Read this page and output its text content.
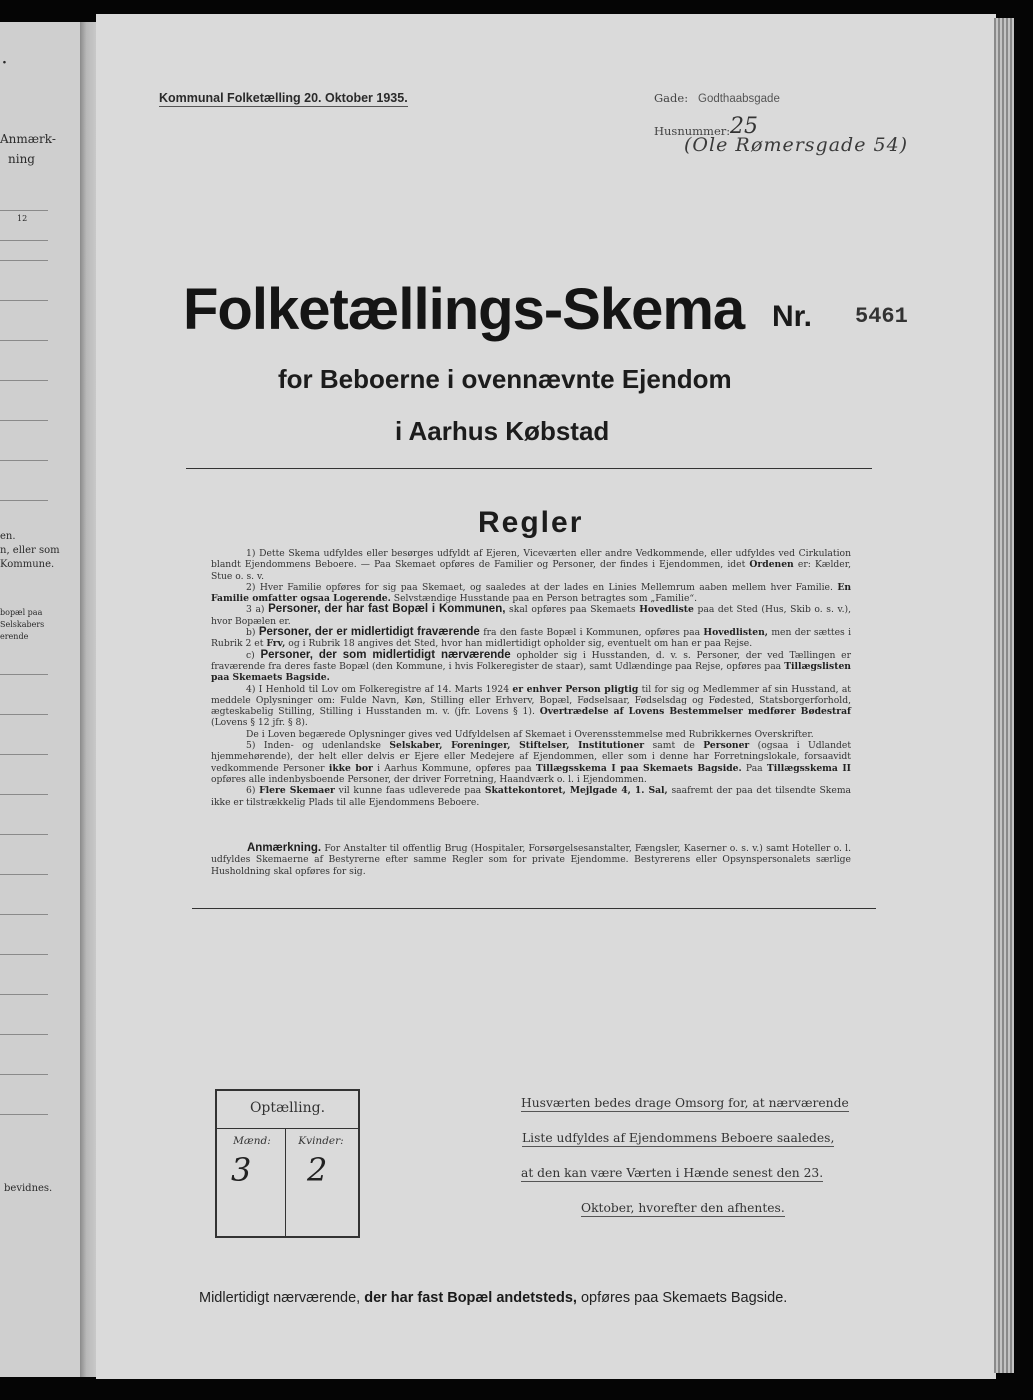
·
Anmærk-
ning
12
en.
n, eller som
Kommune.
bopæl paa
Selskabers
erende
bevidnes.
Kommunal Folketælling 20. Oktober 1935.	Gade: Godthaabsgade
Husnummer: 25
(Ole Rømersgade 54)
Folketællings-Skema Nr. 5461
for Beboerne i ovennævnte Ejendom
i Aarhus Købstad
Regler

1) Dette Skema udfyldes eller besørges udfyldt af Ejeren, Viceværten eller andre Vedkommende, eller udfyldes ved Cirkulation blandt Ejendommens Beboere. — Paa Skemaet opføres de Familier og Personer, der findes i Ejendommen, idet Ordenen er: Kælder, Stue o. s. v.

2) Hver Familie opføres for sig paa Skemaet, og saaledes at der lades en Linies Mellemrum aaben mellem hver Familie. En Familie omfatter ogsaa Logerende. Selvstændige Husstande paa en Person betragtes som „Familie“.

3 a) Personer, der har fast Bopæl i Kommunen, skal opføres paa Skemaets Hovedliste paa det Sted (Hus, Skib o. s. v.), hvor Bopælen er.

b) Personer, der er midlertidigt fraværende fra den faste Bopæl i Kommunen, opføres paa Hovedlisten, men der sættes i Rubrik 2 et Frv, og i Rubrik 18 angives det Sted, hvor han midlertidigt opholder sig, eventuelt om han er paa Rejse.

c) Personer, der som midlertidigt nærværende opholder sig i Husstanden, d. v. s. Personer, der ved Tællingen er fraværende fra deres faste Bopæl (den Kommune, i hvis Folkeregister de staar), samt Udlændinge paa Rejse, opføres paa Tillægslisten paa Skemaets Bagside.

4) I Henhold til Lov om Folkeregistre af 14. Marts 1924 er enhver Person pligtig til for sig og Medlemmer af sin Husstand, at meddele Oplysninger om: Fulde Navn, Køn, Stilling eller Erhverv, Bopæl, Fødselsaar, Fødselsdag og Fødested, Statsborgerforhold, ægteskabelig Stilling, Stilling i Husstanden m. v. (jfr. Lovens § 1). Overtrædelse af Lovens Bestemmelser medfører Bødestraf (Lovens § 12 jfr. § 8).

De i Loven begærede Oplysninger gives ved Udfyldelsen af Skemaet i Overensstemmelse med Rubrikkernes Overskrifter.

5) Inden- og udenlandske Selskaber, Foreninger, Stiftelser, Institutioner samt de Personer (ogsaa i Udlandet hjemmehørende), der helt eller delvis er Ejere eller Medejere af Ejendommen, eller som i denne har Forretningslokale, forsaavidt vedkommende Personer ikke bor i Aarhus Kommune, opføres paa Tillægsskema I paa Skemaets Bagside. Paa Tillægsskema II opføres alle indenbysboende Personer, der driver Forretning, Haandværk o. l. i Ejendommen.

6) Flere Skemaer vil kunne faas udleverede paa Skattekontoret, Mejlgade 4, 1. Sal, saafremt der paa det tilsendte Skema ikke er tilstrækkelig Plads til alle Ejendommens Beboere.

Anmærkning. For Anstalter til offentlig Brug (Hospitaler, Forsørgelsesanstalter, Fængsler, Kaserner o. s. v.) samt Hoteller o. l. udfyldes Skemaerne af Bestyrerne efter samme Regler som for private Ejendomme. Bestyrerens eller Opsynspersonalets særlige Husholdning skal opføres for sig.
Optælling.
Mænd:	Kvinder:
3 2
Husværten bedes drage Omsorg for, at nærværende
Liste udfyldes af Ejendommens Beboere saaledes,
at den kan være Værten i Hænde senest den 23.
Oktober, hvorefter den afhentes.
Midlertidigt nærværende, der har fast Bopæl andetsteds, opføres paa Skemaets Bagside.
